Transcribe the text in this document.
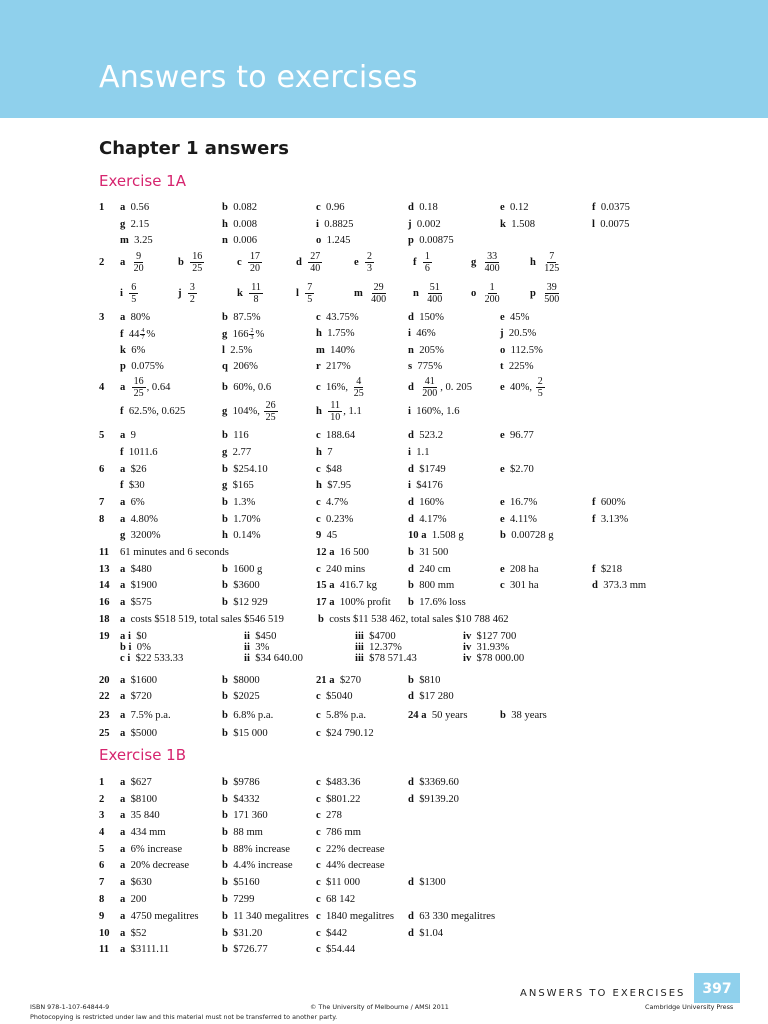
Answers to exercises
Chapter 1 answers
Exercise 1A
Exercise 1B
1 a  0.56	b  0.082	c  0.96	d  0.18	e  0.12	f  0.0375
g  2.15	h  0.008	i  0.8825	j  0.002	k  1.508	l  0.0075
m  3.25	n  0.006	o  1.245	p  0.00875
2 a $\frac{9}{20}$	b $\frac{16}{25}$	c $\frac{17}{20}$	d $\frac{27}{40}$	e $\frac{2}{3}$	f $\frac{1}{6}$	g $\frac{33}{400}$	h $\frac{7}{125}$
i $\frac{6}{5}$	j $\frac{3}{2}$	k $\frac{11}{8}$	l $\frac{7}{5}$	m $\frac{29}{400}$ n $\frac{51}{400}$	o $\frac{1}{200}$	p $\frac{39}{500}$
3 a  80%	b  87.5%	c  43.75%	d  150%	e  45%
f  $44 \frac{4}{7}$ %	g  $166 \frac{2}{3}$ %	h  1.75%	i  46%	j  20.5%
k  6%	l  2.5%	m  140%	n  205%	o  112.5%
p  0.075%	q  206%	r  217%	s  775%	t  225%
4 a $\frac{16}{25}$ , 0.64	b  60%, 0.6	c  16%, $\frac{4}{25}$	d $\frac{41}{200}$ , 0. 205	e  40%, $\frac{2}{5}$
f  62.5%, 0.625	g  104%, $\frac{26}{25}$	h $\frac{11}{10}$ , 1.1	i  160%, 1.6
5 a  9	b  116	c  188.64	d  523.2	e  96.77
f  1011.6	g  2.77	h  7	i  1.1
6 a  $26	b  $254.10	c  $48	d  $1749	e  $2.70
f  $30	g  $165	h  $7.95	i  $4176
7 a  6%	b  1.3%	c  4.7%	d  160%	e  16.7%	f  600%
8 a  4.80%	b  1.70%	c  0.23%	d  4.17%	e  4.11%	f  3.13%
g  3200%	h  0.14%	9  45	10 a  1.508 g	b  0.00728 g
11 61 minutes and 6 seconds	12 a  16 500	b  31 500
13 a  $480	b  1600 g	c  240 mins	d  240 cm	e  208 ha	f  $218
14 a  $1900	b  $3600	15 a  416.7 kg	b  800 mm	c  301 ha	d  373.3 mm
16 a  $575	b  $12 929	17 a  100% profit b  17.6% loss
18 a  costs $518 519, total sales $546 519	b  costs $11 538 462, total sales $10 788 462
19 a i  $0	ii  $450	iii  $4700	iv  $127 700
b i  0%	ii  3%	iii  12.37%	iv  31.93%
c i  $22 533.33	ii  $34 640.00	iii  $78 571.43	iv  $78 000.00
20 a  $1600	b  $8000	21 a  $270	b  $810
22 a  $720	b  $2025	c  $5040	d  $17 280
23 a  7.5% p.a.	b  6.8% p.a.	c  5.8% p.a.	24 a  50 years	b  38 years
25 a  $5000	b  $15 000	c  $24 790.12
1 a  $627	b  $9786	c  $483.36	d  $3369.60
2 a  $8100	b  $4332	c  $801.22	d  $9139.20
3 a  35 840	b  171 360	c  278
4 a  434 mm	b  88 mm	c  786 mm
5 a  6% increase	b  88% increase c  22% decrease
6 a  20% decrease	b  4.4% increase c  44% decrease
7 a  $630	b  $5160	c  $11 000	d  $1300
8 a  200	b  7299	c  68 142
9 a  4750 megalitres b  11 340 megalitres c  1840 megalitres d  63 330 megalitres
10 a  $52	b  $31.20	c  $442	d  $1.04
11 a  $3111.11	b  $726.77	c  $54.44
ANSWERS TO EXERCISES	397
ISBN 978-1-107-64844-9	© The University of Melbourne / AMSI 2011	Cambridge University Press
Photocopying is restricted under law and this material must not be transferred to another party.
